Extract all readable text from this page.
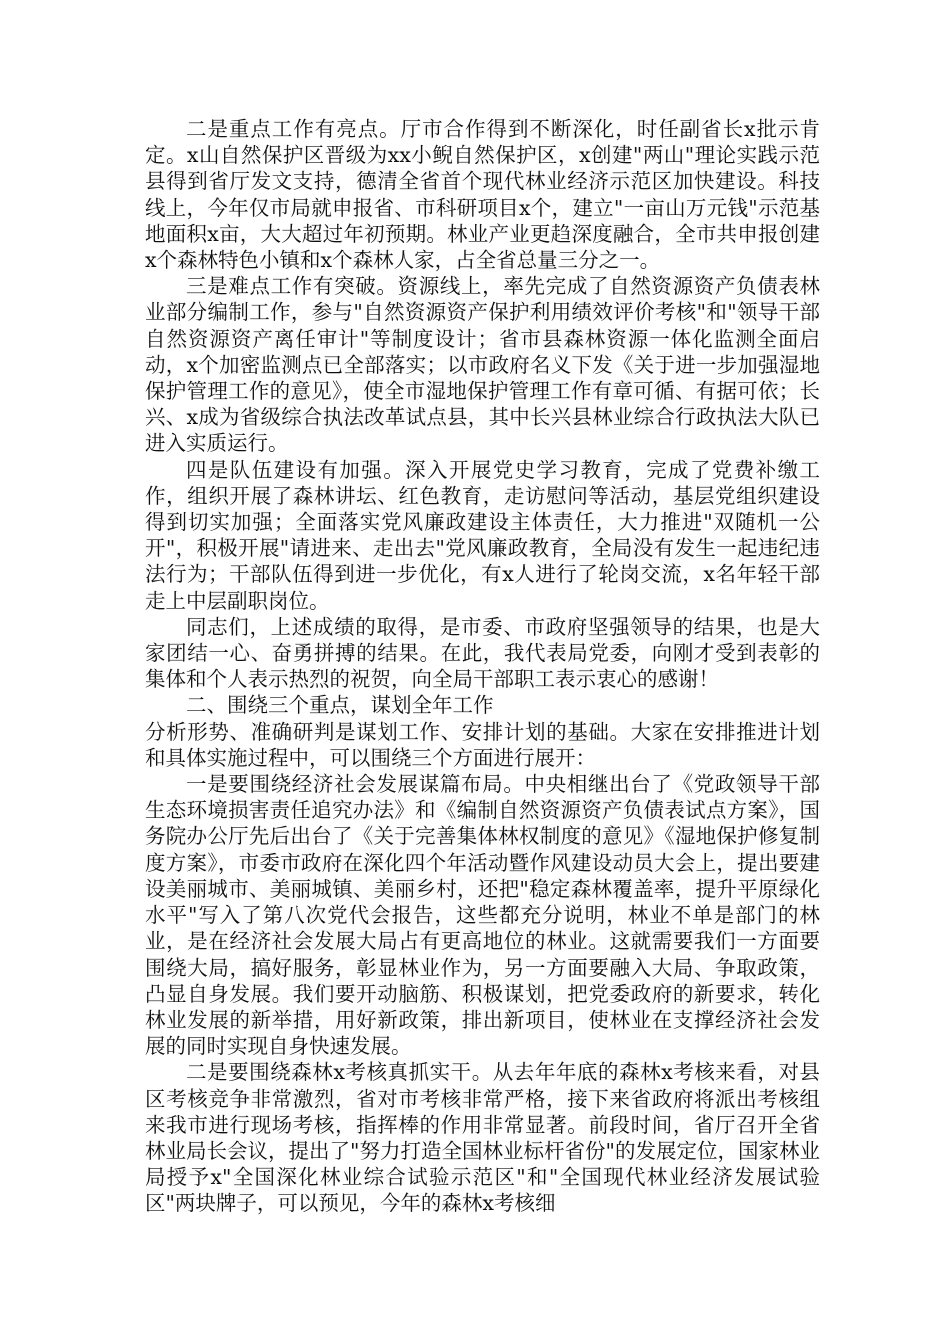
二是重点工作有亮点。厅市合作得到不断深化，时任副省长x批示肯定。x山自然保护区晋级为xx小鲵自然保护区，x创建"两山"理论实践示范县得到省厅发文支持，德清全省首个现代林业经济示范区加快建设。科技线上，今年仅市局就申报省、市科研项目x个，建立"一亩山万元钱"示范基地面积x亩，大大超过年初预期。林业产业更趋深度融合，全市共申报创建x个森林特色小镇和x个森林人家，占全省总量三分之一。

三是难点工作有突破。资源线上，率先完成了自然资源资产负债表林业部分编制工作，参与"自然资源资产保护利用绩效评价考核"和"领导干部自然资源资产离任审计"等制度设计；省市县森林资源一体化监测全面启动，x个加密监测点已全部落实；以市政府名义下发《关于进一步加强湿地保护管理工作的意见》，使全市湿地保护管理工作有章可循、有据可依；长兴、x成为省级综合执法改革试点县，其中长兴县林业综合行政执法大队已进入实质运行。

四是队伍建设有加强。深入开展党史学习教育，完成了党费补缴工作，组织开展了森林讲坛、红色教育，走访慰问等活动，基层党组织建设得到切实加强；全面落实党风廉政建设主体责任，大力推进"双随机一公开"，积极开展"请进来、走出去"党风廉政教育，全局没有发生一起违纪违法行为；干部队伍得到进一步优化，有x人进行了轮岗交流，x名年轻干部走上中层副职岗位。

同志们，上述成绩的取得，是市委、市政府坚强领导的结果，也是大家团结一心、奋勇拼搏的结果。在此，我代表局党委，向刚才受到表彰的集体和个人表示热烈的祝贺，向全局干部职工表示衷心的感谢！

二、围绕三个重点，谋划全年工作

分析形势、准确研判是谋划工作、安排计划的基础。大家在安排推进计划和具体实施过程中，可以围绕三个方面进行展开：

一是要围绕经济社会发展谋篇布局。中央相继出台了《党政领导干部生态环境损害责任追究办法》和《编制自然资源资产负债表试点方案》，国务院办公厅先后出台了《关于完善集体林权制度的意见》《湿地保护修复制度方案》，市委市政府在深化四个年活动暨作风建设动员大会上，提出要建设美丽城市、美丽城镇、美丽乡村，还把"稳定森林覆盖率，提升平原绿化水平"写入了第八次党代会报告，这些都充分说明，林业不单是部门的林业，是在经济社会发展大局占有更高地位的林业。这就需要我们一方面要围绕大局，搞好服务，彰显林业作为，另一方面要融入大局、争取政策，凸显自身发展。我们要开动脑筋、积极谋划，把党委政府的新要求，转化林业发展的新举措，用好新政策，排出新项目，使林业在支撑经济社会发展的同时实现自身快速发展。

二是要围绕森林x考核真抓实干。从去年年底的森林x考核来看，对县区考核竞争非常激烈，省对市考核非常严格，接下来省政府将派出考核组来我市进行现场考核，指挥棒的作用非常显著。前段时间，省厅召开全省林业局长会议，提出了"努力打造全国林业标杆省份"的发展定位，国家林业局授予x"全国深化林业综合试验示范区"和"全国现代林业经济发展试验区"两块牌子，可以预见，今年的森林x考核细
